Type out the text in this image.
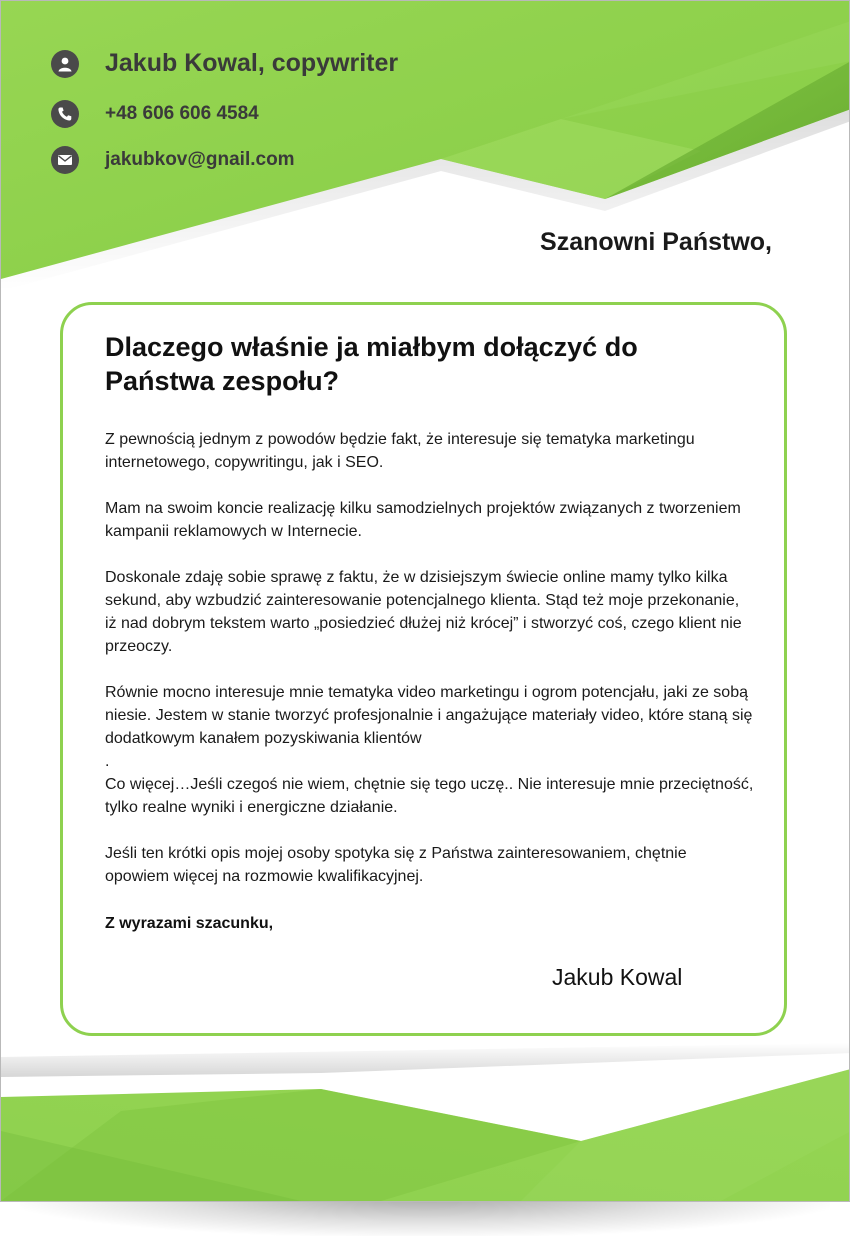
Jakub Kowal, copywriter
+48 606 606 4584
jakubkov@gnail.com
Szanowni Państwo,
Dlaczego właśnie ja miałbym dołączyć do Państwa zespołu?

Z pewnością jednym z powodów będzie fakt, że interesuje się tematyka marketingu internetowego, copywritingu, jak i SEO.

Mam na swoim koncie realizację kilku samodzielnych projektów związanych z tworzeniem kampanii reklamowych w Internecie.

Doskonale zdaję sobie sprawę z faktu, że w dzisiejszym świecie online mamy tylko kilka sekund, aby wzbudzić zainteresowanie potencjalnego klienta. Stąd też moje przekonanie, iż nad dobrym tekstem warto „posiedzieć dłużej niż krócej” i stworzyć coś, czego klient nie przeoczy.

Równie mocno interesuje mnie tematyka video marketingu i ogrom potencjału, jaki ze sobą niesie. Jestem w stanie tworzyć profesjonalnie i angażujące materiały video, które staną się dodatkowym kanałem pozyskiwania klientów

.

Co więcej…Jeśli czegoś nie wiem, chętnie się tego uczę.. Nie interesuje mnie przeciętność, tylko realne wyniki i energiczne działanie.

Jeśli ten krótki opis mojej osoby spotyka się z Państwa zainteresowaniem, chętnie opowiem więcej na rozmowie kwalifikacyjnej.

Z wyrazami szacunku,
Jakub Kowal
